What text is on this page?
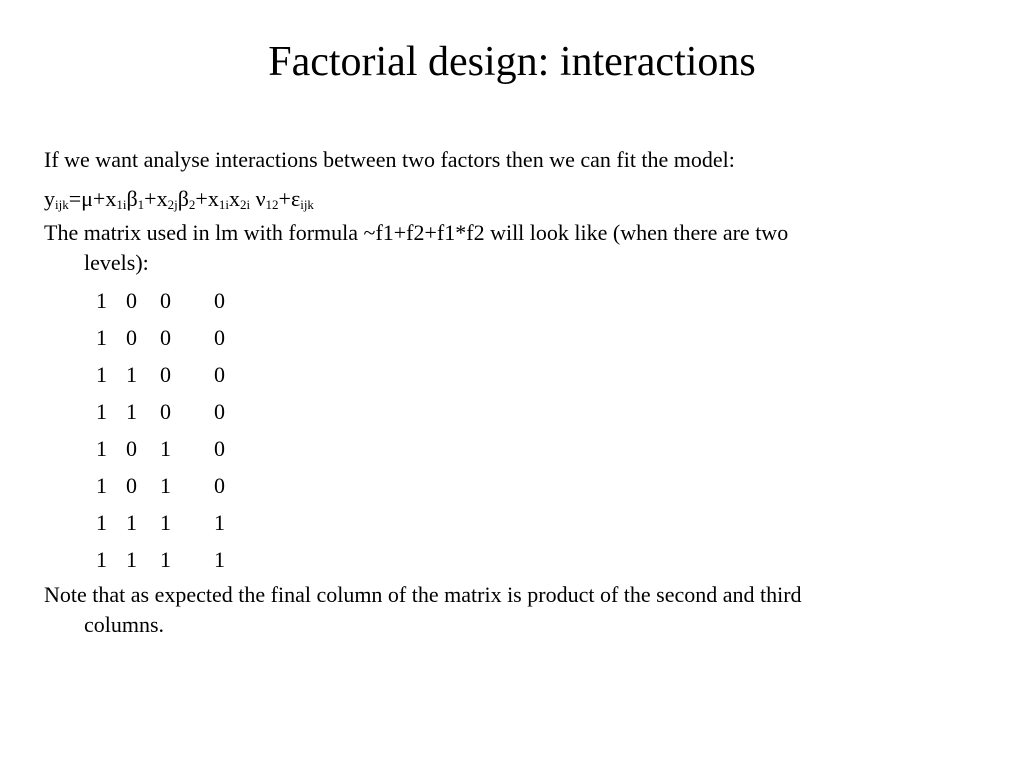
Factorial design: interactions
If we want analyse interactions between two factors then we can fit the model:
$y_{ijk}=\mu+x_{1i}\beta_1+x_{2j}\beta_2+x_{1i}x_{2i}$ $\nu_{12}+\varepsilon_{ijk}$
The matrix used in lm with formula ~f1+f2+f1*f2 will look like (when there are two
levels):
1 0 0 0
1 0 0 0
1 1 0 0
1 1 0 0
1 0 1 0
1 0 1 0
1 1 1 1
1 1 1 1
Note that as expected the final column of the matrix is product of the second and third
columns.
